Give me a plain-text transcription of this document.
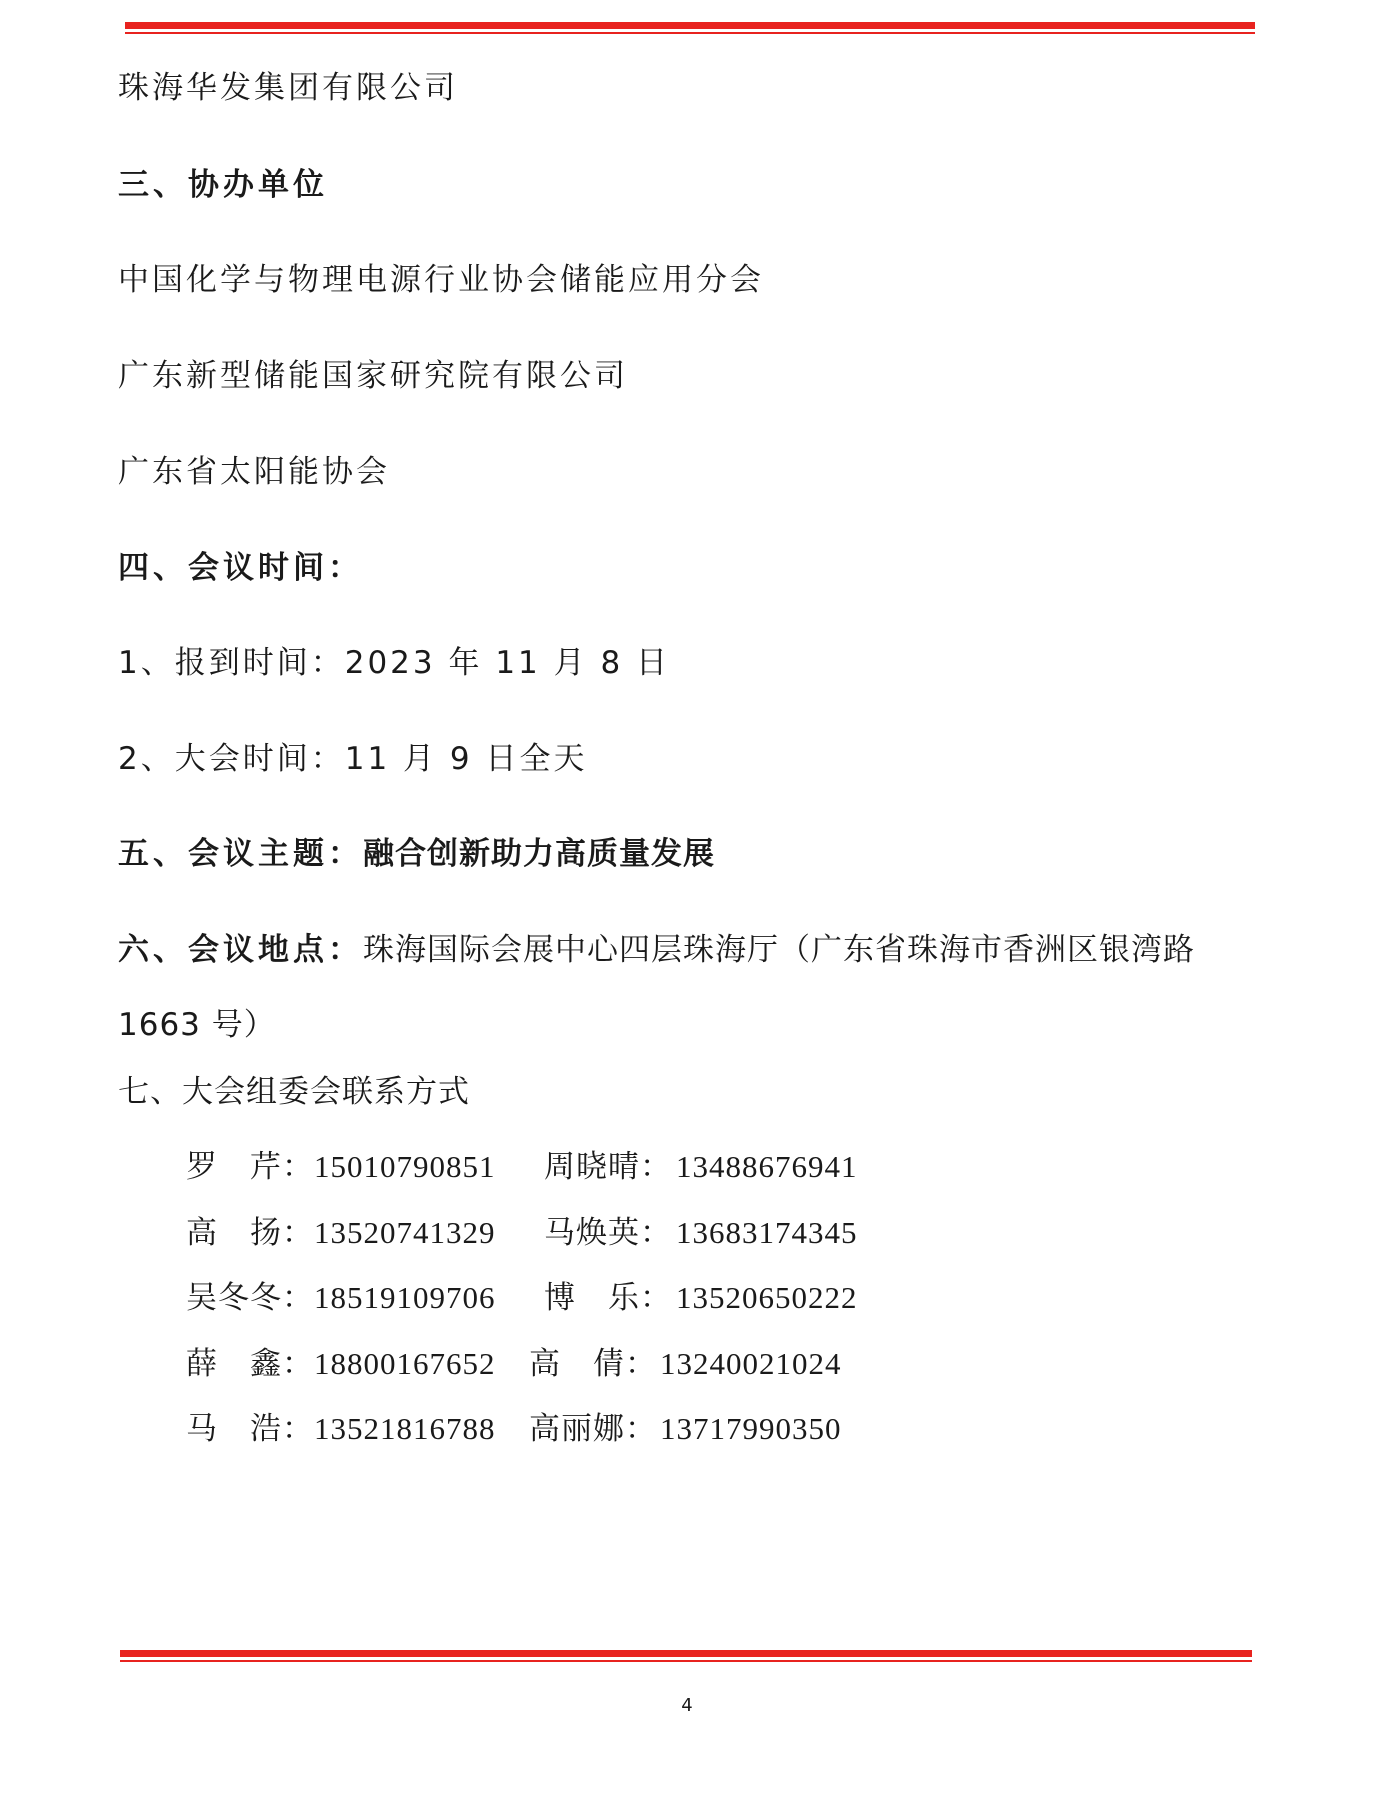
珠海华发集团有限公司
三、协办单位
中国化学与物理电源行业协会储能应用分会
广东新型储能国家研究院有限公司
广东省太阳能协会
四、会议时间：
1、报到时间：2023 年 11 月 8 日
2、大会时间：11 月 9 日全天
五、会议主题：融合创新助力高质量发展
六、会议地点：珠海国际会展中心四层珠海厅（广东省珠海市香洲区银湾路
1663 号）
七、大会组委会联系方式
罗　芹： 15010790851 周晓晴： 13488676941
高　扬： 13520741329 马焕英： 13683174345
吴冬冬： 18519109706 博　乐： 13520650222
薛　鑫： 18800167652 高　倩： 13240021024
马　浩： 13521816788 高丽娜： 13717990350
4
